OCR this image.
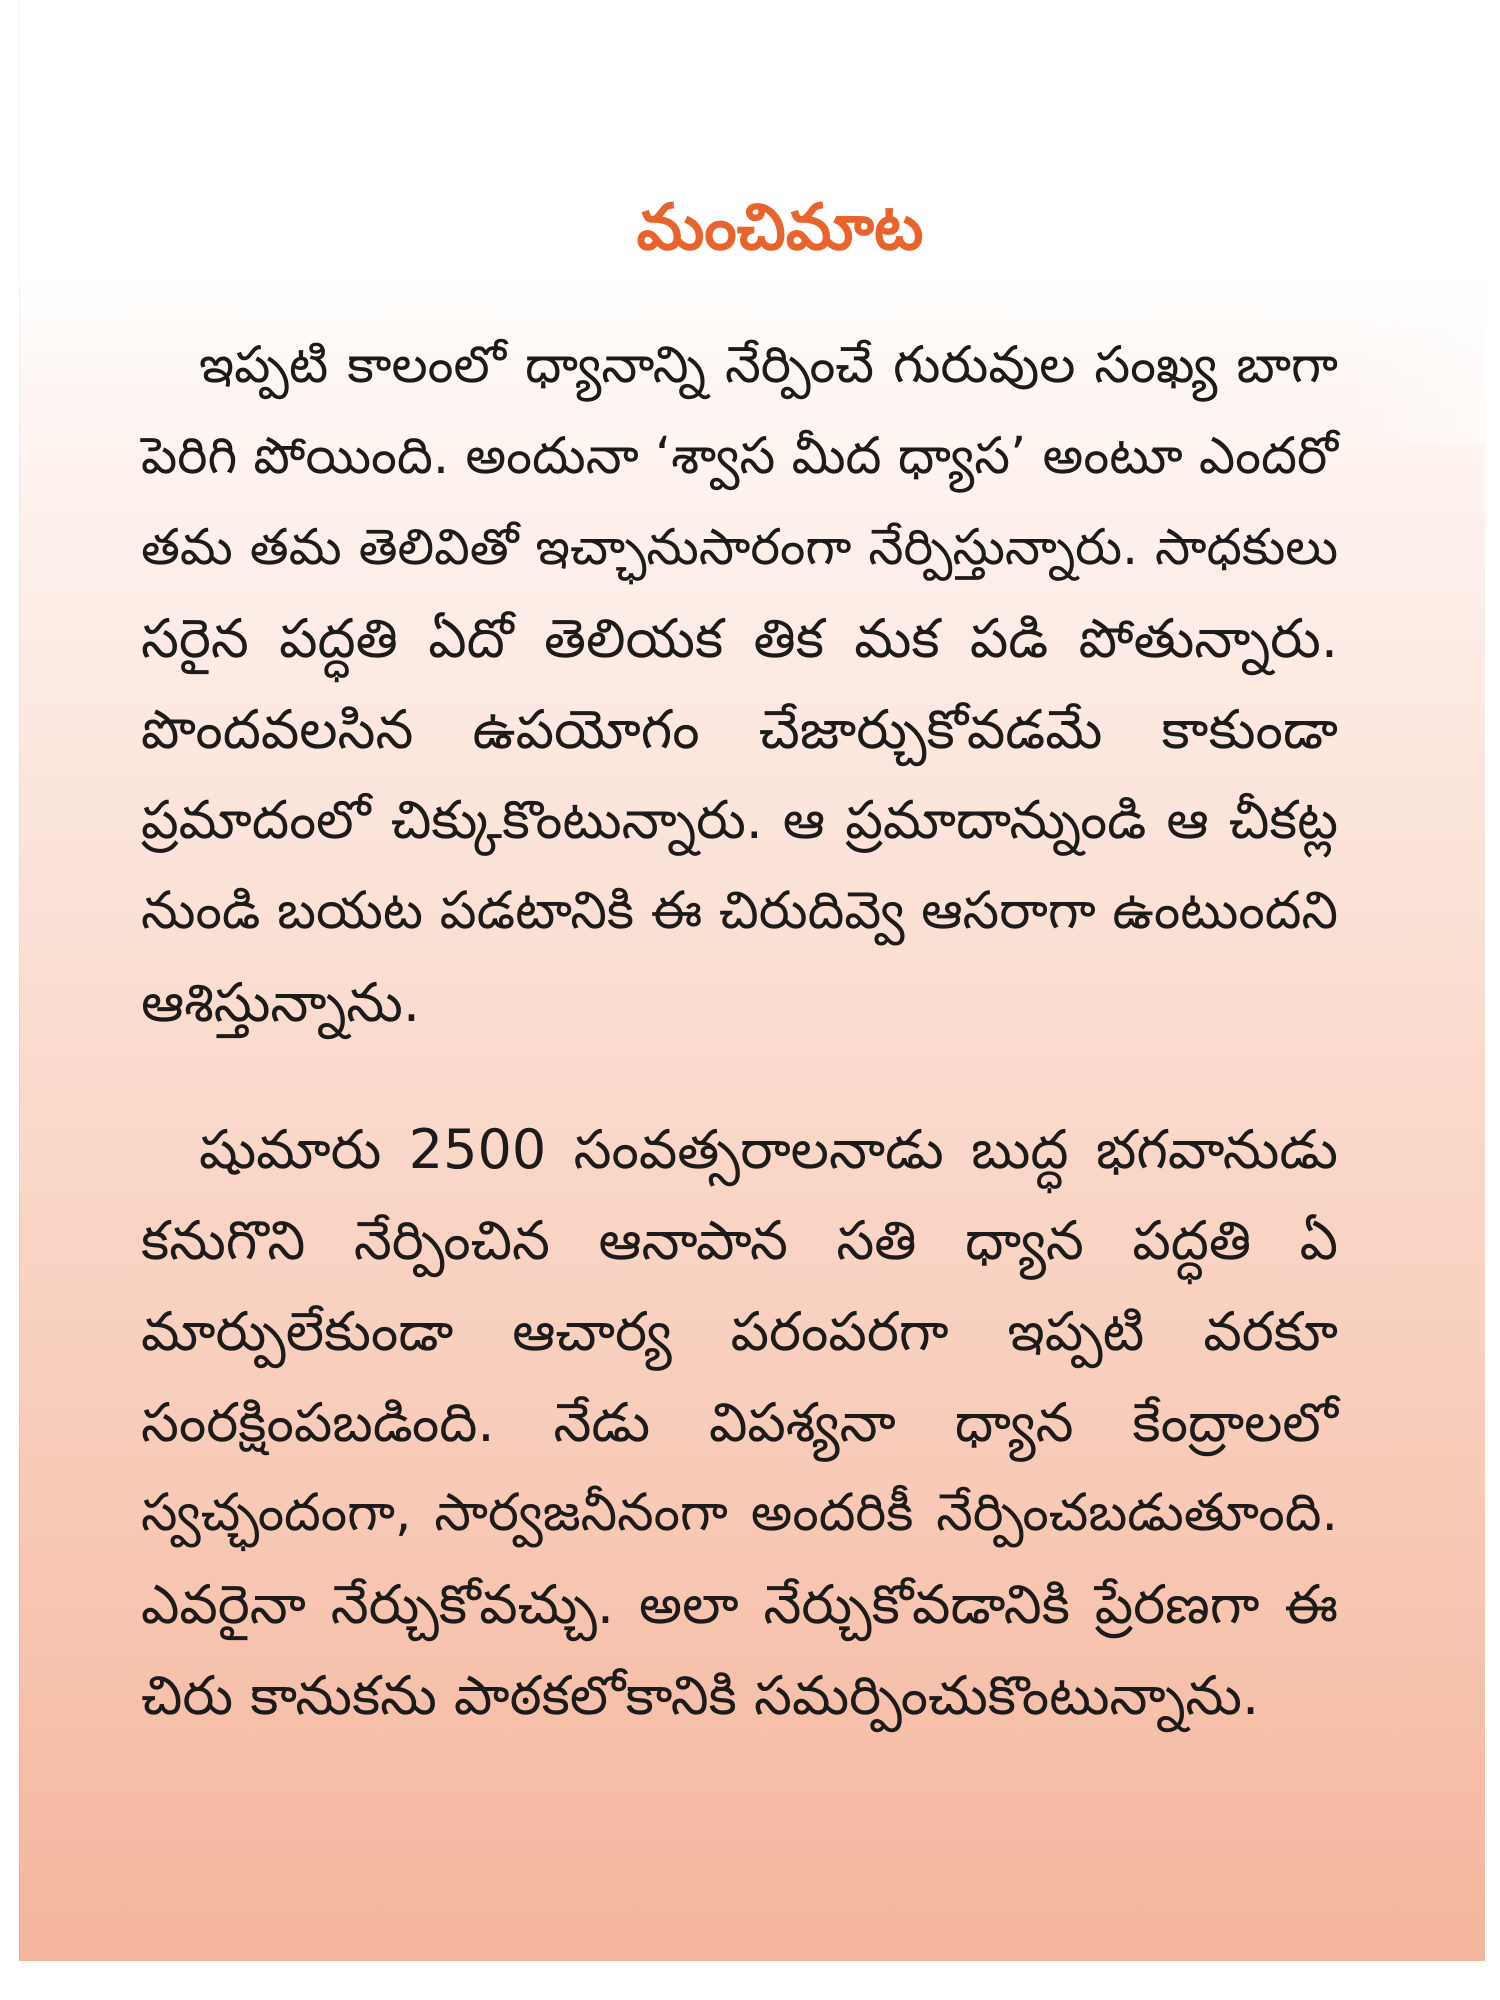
మంచిమాట
ఇప్పటి కాలంలో ధ్యానాన్ని నేర్పించే గురువుల సంఖ్య బాగా
పెరిగి పోయింది. అందునా ‘శ్వాస మీద ధ్యాస’ అంటూ ఎందరో
తమ తమ తెలివితో ఇచ్ఛానుసారంగా నేర్పిస్తున్నారు. సాధకులు
సరైన పద్ధతి ఏదో తెలియక తిక మక పడి పోతున్నారు.
పొందవలసిన ఉపయోగం చేజార్చుకోవడమే కాకుండా
ప్రమాదంలో చిక్కుకొంటున్నారు. ఆ ప్రమాదాన్నుండి ఆ చీకట్ల
నుండి బయట పడటానికి ఈ చిరుదివ్వె ఆసరాగా ఉంటుందని
ఆశిస్తున్నాను.
షుమారు 2500 సంవత్సరాలనాడు బుద్ధ భగవానుడు
కనుగొని నేర్పించిన ఆనాపాన సతి ధ్యాన పద్ధతి ఏ
మార్పులేకుండా ఆచార్య పరంపరగా ఇప్పటి వరకూ
సంరక్షింపబడింది. నేడు విపశ్యనా ధ్యాన కేంద్రాలలో
స్వచ్ఛందంగా, సార్వజనీనంగా అందరికీ నేర్పించబడుతూంది.
ఎవరైనా నేర్చుకోవచ్చు. అలా నేర్చుకోవడానికి ప్రేరణగా ఈ
చిరు కానుకను పాఠకలోకానికి సమర్పించుకొంటున్నాను.
